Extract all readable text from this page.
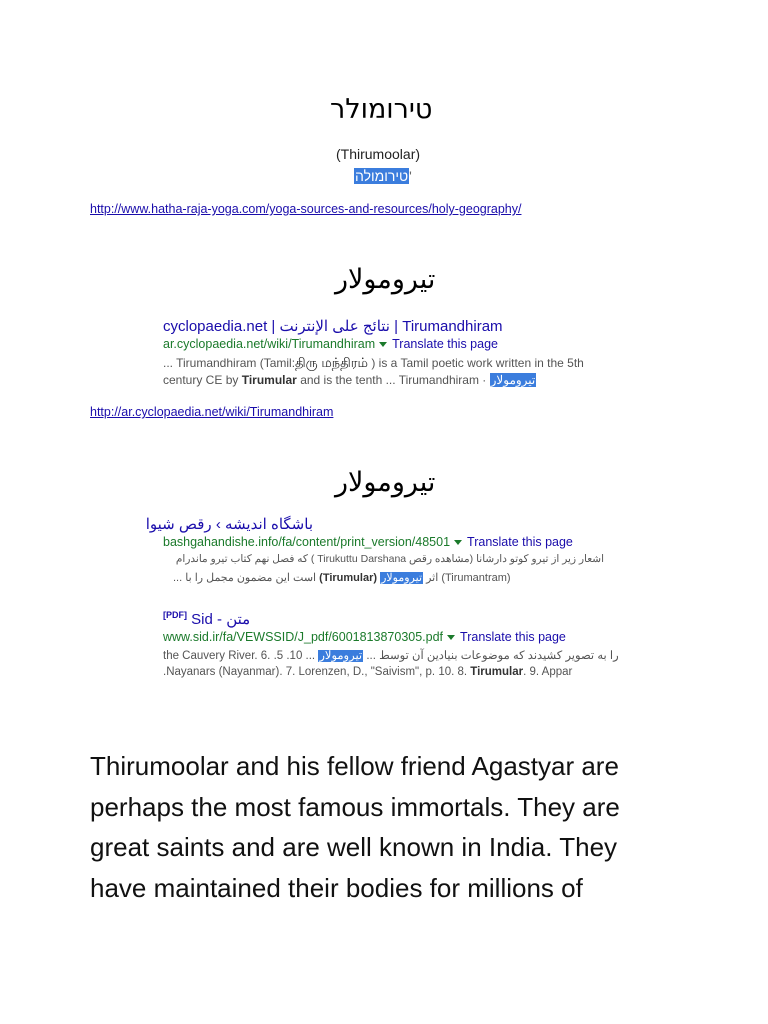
טירומולר
(Thirumoolar)
טירומולה'
http://www.hatha-raja-yoga.com/yoga-sources-and-resources/holy-geography/
تيرومولار
cyclopaedia.net | نتائج على الإنترنت | Tirumandhiram
ar.cyclopaedia.net/wiki/Tirumandhiram Translate this page
... Tirumandhiram (Tamil:திரு மந்திரம் ) is a Tamil poetic work written in the 5th
century CE by Tirumular and is the tenth ... Tirumandhiram · تيرومولار
http://ar.cyclopaedia.net/wiki/Tirumandhiram
تيرومولار
باشگاه اندیشه › رقص شیوا
bashgahandishe.info/fa/content/print_version/48501 Translate this page
اشعار زیر از تیرو کوتو دارشانا (مشاهده رقص Tirukuttu Darshana ) که فصل نهم کتاب تیرو ماندرام
است این مضمون مجمل را با ... (Tirumular) تیرومولار (Tirumantram) اثر
[PDF] Sid - متن
www.sid.ir/fa/VEWSSID/J_pdf/6001813870305.pdf Translate this page
the Cauvery River. 6. .5 .10 ... تیرومولار را به تصویر کشیدند که موضوعات بنیادین آن توسط ...
.Nayanars (Nayanmar). 7. Lorenzen, D., "Saivism", p. 10. 8. Tirumular. 9. Appar

Thirumoolar and his fellow friend Agastyar are

perhaps the most famous immortals. They are

great saints and are well known in India. They

have maintained their bodies for millions of
